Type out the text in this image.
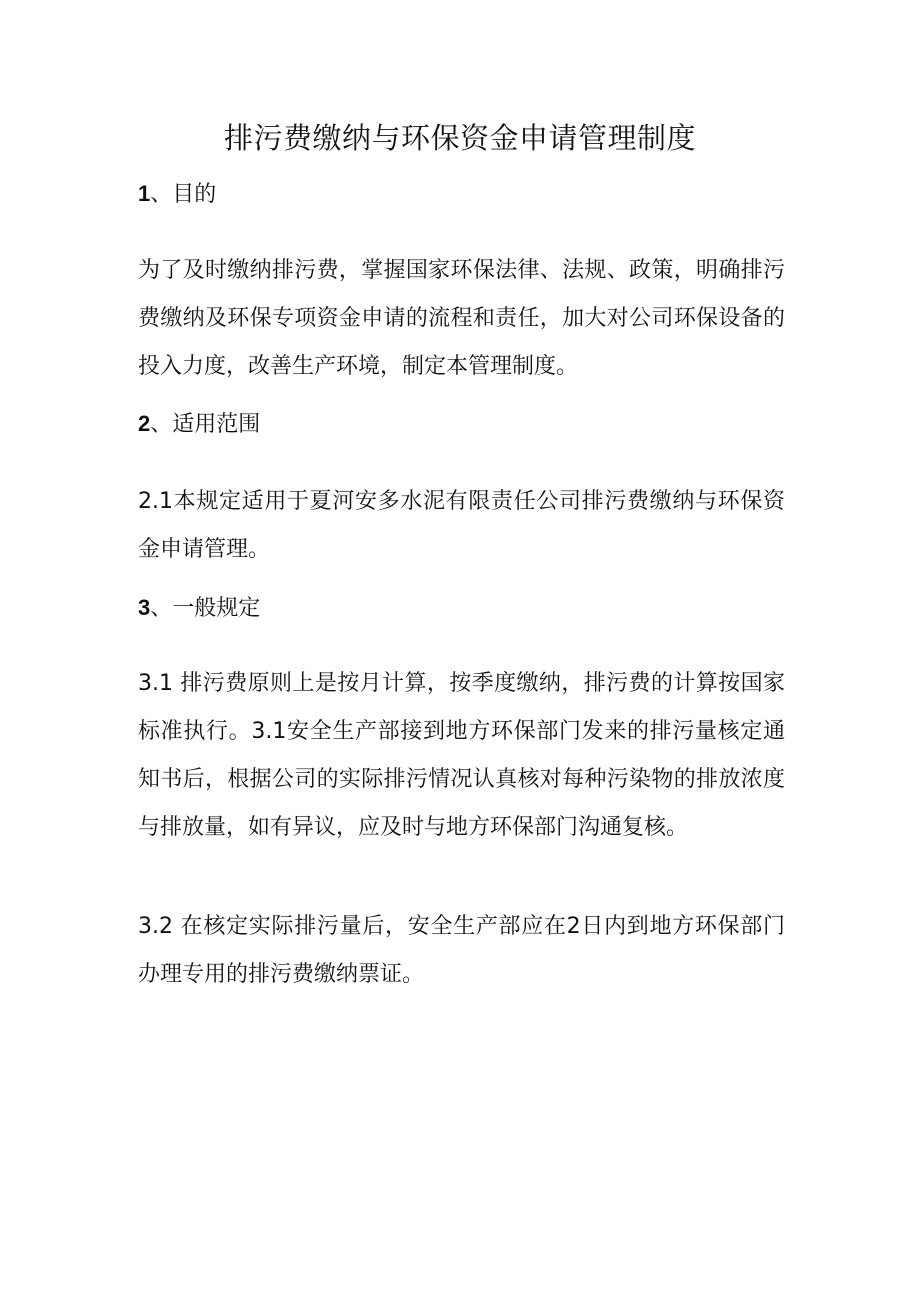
排污费缴纳与环保资金申请管理制度
1、目的

为了及时缴纳排污费，掌握国家环保法律、法规、政策，明确排污费缴纳及环保专项资金申请的流程和责任，加大对公司环保设备的投入力度，改善生产环境，制定本管理制度。

2、适用范围

2.1本规定适用于夏河安多水泥有限责任公司排污费缴纳与环保资金申请管理。

3、一般规定

3.1 排污费原则上是按月计算，按季度缴纳，排污费的计算按国家标准执行。3.1安全生产部接到地方环保部门发来的排污量核定通知书后，根据公司的实际排污情况认真核对每种污染物的排放浓度与排放量，如有异议，应及时与地方环保部门沟通复核。

3.2 在核定实际排污量后，安全生产部应在2日内到地方环保部门办理专用的排污费缴纳票证。
